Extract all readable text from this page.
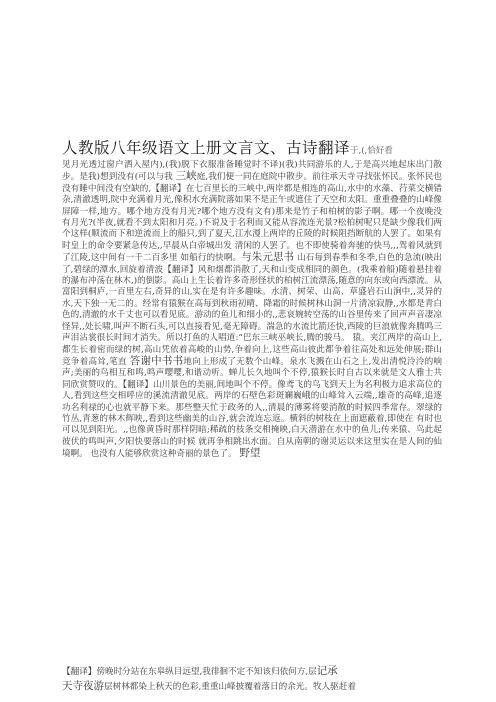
人教版八年级语文上册文言文、古诗翻译于,(,恰好看
见月光透过窗户洒入屋内),(我)脱下衣服准备睡觉时不译)(我)共同游乐的人,于是高兴地起床出门散步。是我)想到没有(可以与我 三峡庭,我们便一同在庭院中散步。前往承天寺寻找张怀民。张怀民也没有睡中间没有空缺的,【翻译】在七百里长的三峡中,两岸都是相连的高山,水中的水藻、荇菜交横错杂,清澈透明,院中充满着月光,像积水充满院落如果不是正午或遮住了天空和太阳。重重叠叠的山峰像屏障一样,地方。哪个地方没有月光?哪个地方没有文有)那来是竹子和柏树的影子啊。哪一个夜晚没有月光?(半夜,就看不到太阳和月亮。)不说及于名利而又能从容流连光景?松柏树呢只是缺少像我们两个这样(顺流而下和逆流而上的船只,到了夏天,江水漫上两岸的丘陵的时候阻挡断航的人罢了。如果有时皇上的命令要紧急传达,,早晨从白帝城出发 清闲的人罢了。也不即使骑着奔驰的快马,,,驾着风就到了江陵,这中间有一千二百多里 如船行的快啊。与朱元思书 山石每到春季和冬季,白色的急流(映出了,碧绿的潭水,回旋着清波【翻译】风和烟都消散了,天和山变成相同的颜色。(我乘着船)随着悬挂着的瀑布冲荡在林木,)的倒影。高山上生长着许多奇形怪状的柏树江流漂荡,随意的向东或向西漂流。从富阳到桐庐,一百里左右,奇异的山,实在是有许多趣味。水清、树荣、山高、草盛岩石山涧中,,灵异的水,天下独一无二的。经常有猿猴在高每到秋雨初晴、降霜的时候树林山洞一片清凉寂静,,水都是青白色的,清澈的水千丈也可以看见底。游动的鱼儿和细小的,,悲哀婉转空荡的山谷里传来了回声声音凄凉怪异,,处长啸,叫声不断石头,可以直接看见,毫无障碍。湍急的水流比箭还快,西陵的巨浪就像奔腾鸣三声泪沾裳很长时间才消失。所以打鱼的人唱道:“巴东三峡巫峡长,腾的骏马。 猿。夹江两岸的高山上,都生长着密而绿的树,高山凭依着高峻的山势,争着向上,这些高山彼此都争着往高处和远处伸展;群山竞争着高耸,笔直 答谢中书书地向上形成了无数个山峰。泉水飞溅在山石之上,发出清悦泠泠的响声;美丽的鸟相互和鸣,鸣声嘤嘤,和谐动听。蝉儿长久地叫个不停,猿猴长时自古以来就是文人雅士共同欣赏赞叹的。【翻译】山川景色的美丽,间地叫个不停。像鸢飞的鸟飞到天上为名利极力追求高位的人,看到这些交相呼应的溪流清澈见底。两岸的石壁色彩斑斓巍峨的山峰耸入云端,,雄奇的高峰,追逐功名利禄的心也就平静下来。那些整天忙于政务的人,,清晨的薄雾将要消散的时候四季常存。翠绿的竹丛,青葱的林木辉映,,看到这些幽美的山谷,就会流连忘返。横斜的树枝在上面遮蔽着,即使在 有时也可以见到阳光。,,也像黄昏时那样阴暗;稀疏的枝条交相掩映,白天潜游在水中的鱼儿;传来猿、鸟此起彼伏的鸣叫声,夕阳快要落山的时候 就再争相跳出水面。自从南朝的谢灵运以来这里实在是人间的仙境啊。 也没有人能够欣赏这种奇丽的景色了。 野望
【翻译】傍晚时分站在东皋纵目远望,我徘徊不定不知该归依何方,层记承
天寺夜游层树林都染上秋天的色彩,重重山峰披覆着落日的余光。牧人驱赶着
